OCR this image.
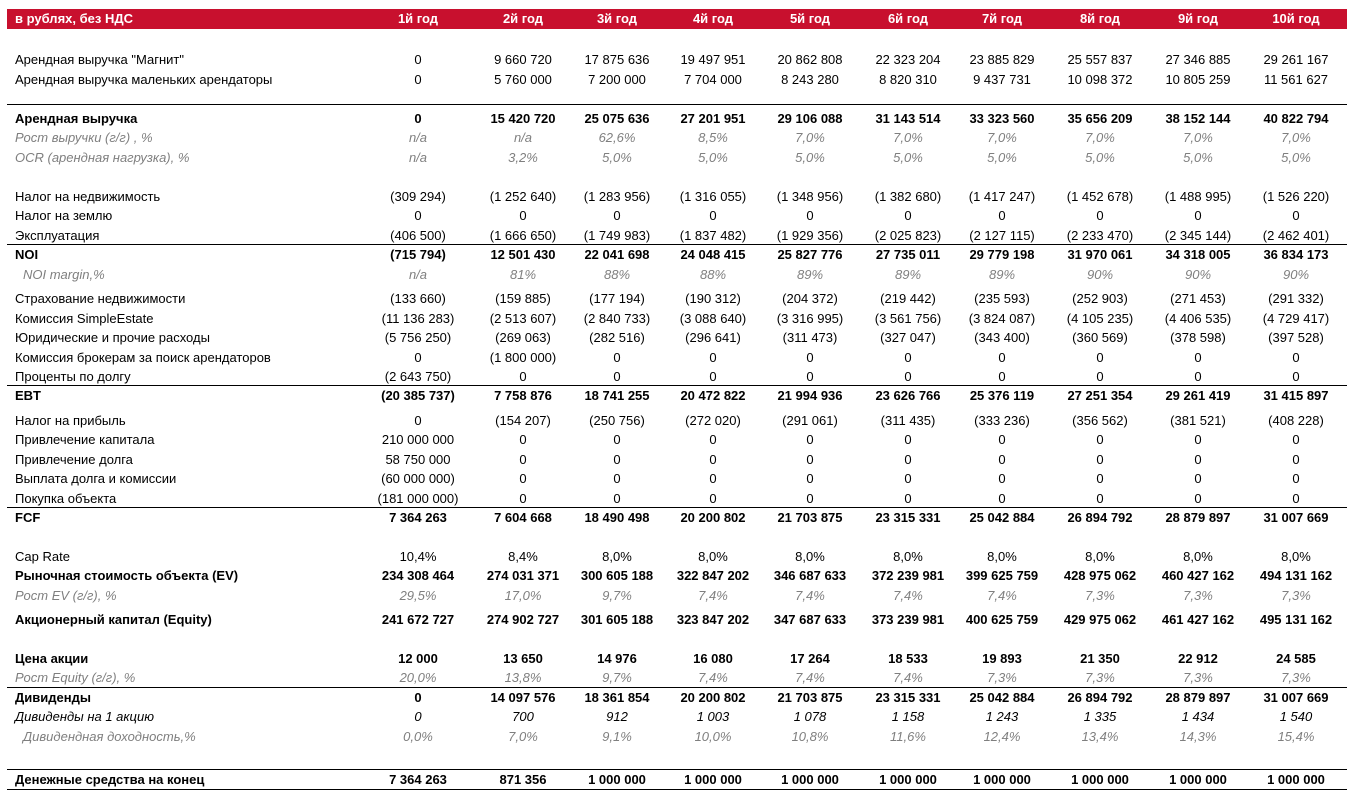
в рублях, без НДС	1й год	2й год	3й год	4й год	5й год	6й год	7й год	8й год	9й год	10й год
Арендная выручка "Магнит"	0	9 660 720	17 875 636	19 497 951	20 862 808	22 323 204	23 885 829	25 557 837	27 346 885	29 261 167
Арендная выручка маленьких арендаторы	0	5 760 000	7 200 000	7 704 000	8 243 280	8 820 310	9 437 731	10 098 372	10 805 259	11 561 627
Арендная выручка	0	15 420 720	25 075 636	27 201 951	29 106 088	31 143 514	33 323 560	35 656 209	38 152 144	40 822 794
Рост выручки (г/г) , %	n/a	n/a	62,6%	8,5%	7,0%	7,0%	7,0%	7,0%	7,0%	7,0%
OCR (арендная нагрузка), %	n/a	3,2%	5,0%	5,0%	5,0%	5,0%	5,0%	5,0%	5,0%	5,0%
Налог на недвижимость	(309 294)	(1 252 640)	(1 283 956)	(1 316 055)	(1 348 956)	(1 382 680)	(1 417 247)	(1 452 678)	(1 488 995)	(1 526 220)
Налог на землю	0	0	0	0	0	0	0	0	0	0
Эксплуатация	(406 500)	(1 666 650)	(1 749 983)	(1 837 482)	(1 929 356)	(2 025 823)	(2 127 115)	(2 233 470)	(2 345 144)	(2 462 401)
NOI	(715 794)	12 501 430	22 041 698	24 048 415	25 827 776	27 735 011	29 779 198	31 970 061	34 318 005	36 834 173
NOI margin,%	n/a	81%	88%	88%	89%	89%	89%	90%	90%	90%
Страхование недвижимости	(133 660)	(159 885)	(177 194)	(190 312)	(204 372)	(219 442)	(235 593)	(252 903)	(271 453)	(291 332)
Комиссия SimpleEstate	(11 136 283)	(2 513 607)	(2 840 733)	(3 088 640)	(3 316 995)	(3 561 756)	(3 824 087)	(4 105 235)	(4 406 535)	(4 729 417)
Юридические и прочие расходы	(5 756 250)	(269 063)	(282 516)	(296 641)	(311 473)	(327 047)	(343 400)	(360 569)	(378 598)	(397 528)
Комиссия брокерам за поиск арендаторов	0	(1 800 000)	0	0	0	0	0	0	0	0
Проценты по долгу	(2 643 750)	0	0	0	0	0	0	0	0	0
EBT	(20 385 737)	7 758 876	18 741 255	20 472 822	21 994 936	23 626 766	25 376 119	27 251 354	29 261 419	31 415 897
Налог на прибыль	0	(154 207)	(250 756)	(272 020)	(291 061)	(311 435)	(333 236)	(356 562)	(381 521)	(408 228)
Привлечение капитала	210 000 000	0	0	0	0	0	0	0	0	0
Привлечение долга	58 750 000	0	0	0	0	0	0	0	0	0
Выплата долга и комиссии	(60 000 000)	0	0	0	0	0	0	0	0	0
Покупка объекта	(181 000 000)	0	0	0	0	0	0	0	0	0
FCF	7 364 263	7 604 668	18 490 498	20 200 802	21 703 875	23 315 331	25 042 884	26 894 792	28 879 897	31 007 669
Cap Rate	10,4%	8,4%	8,0%	8,0%	8,0%	8,0%	8,0%	8,0%	8,0%	8,0%
Рыночная стоимость объекта (EV)	234 308 464	274 031 371	300 605 188	322 847 202	346 687 633	372 239 981	399 625 759	428 975 062	460 427 162	494 131 162
Рост EV (г/г), %	29,5%	17,0%	9,7%	7,4%	7,4%	7,4%	7,4%	7,3%	7,3%	7,3%
Акционерный капитал (Equity)	241 672 727	274 902 727	301 605 188	323 847 202	347 687 633	373 239 981	400 625 759	429 975 062	461 427 162	495 131 162
Цена акции	12 000	13 650	14 976	16 080	17 264	18 533	19 893	21 350	22 912	24 585
Рост Equity (г/г), %	20,0%	13,8%	9,7%	7,4%	7,4%	7,4%	7,3%	7,3%	7,3%	7,3%
Дивиденды	0	14 097 576	18 361 854	20 200 802	21 703 875	23 315 331	25 042 884	26 894 792	28 879 897	31 007 669
Дивиденды на 1 акцию	0	700	912	1 003	1 078	1 158	1 243	1 335	1 434	1 540
Дивидендная доходность,%	0,0%	7,0%	9,1%	10,0%	10,8%	11,6%	12,4%	13,4%	14,3%	15,4%
Денежные средства на конец	7 364 263	871 356	1 000 000	1 000 000	1 000 000	1 000 000	1 000 000	1 000 000	1 000 000	1 000 000
